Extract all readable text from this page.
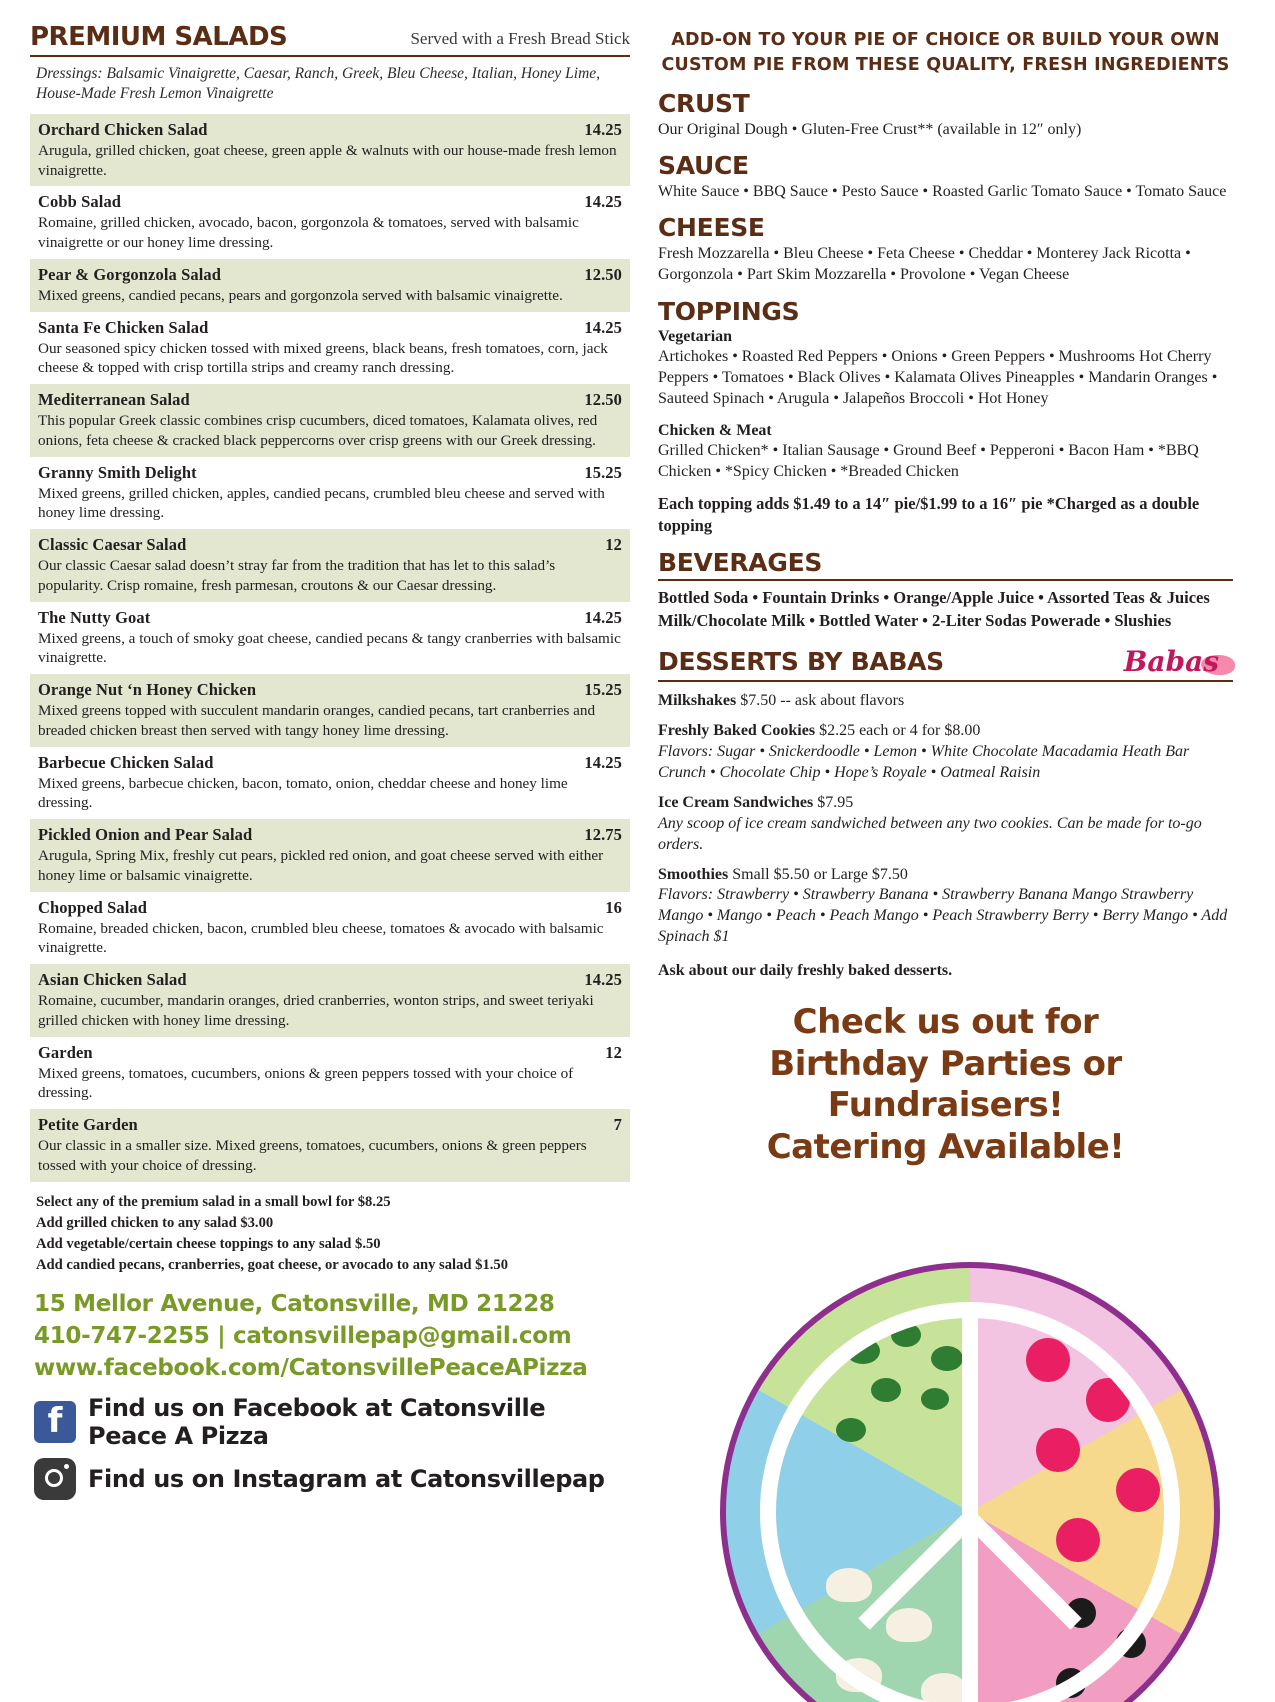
PREMIUM SALADS	Served with a Fresh Bread Stick
Dressings: Balsamic Vinaigrette, Caesar, Ranch, Greek, Bleu Cheese, Italian, Honey Lime, House-Made Fresh Lemon Vinaigrette
Orchard Chicken Salad	14.25
Arugula, grilled chicken, goat cheese, green apple & walnuts with our house-made fresh lemon vinaigrette.
Cobb Salad	14.25
Romaine, grilled chicken, avocado, bacon, gorgonzola & tomatoes, served with balsamic vinaigrette or our honey lime dressing.
Pear & Gorgonzola Salad	12.50
Mixed greens, candied pecans, pears and gorgonzola served with balsamic vinaigrette.
Santa Fe Chicken Salad	14.25
Our seasoned spicy chicken tossed with mixed greens, black beans, fresh tomatoes, corn, jack cheese & topped with crisp tortilla strips and creamy ranch dressing.
Mediterranean Salad	12.50
This popular Greek classic combines crisp cucumbers, diced tomatoes, Kalamata olives, red onions, feta cheese & cracked black peppercorns over crisp greens with our Greek dressing.
Granny Smith Delight	15.25
Mixed greens, grilled chicken, apples, candied pecans, crumbled bleu cheese and served with honey lime dressing.
Classic Caesar Salad	12
Our classic Caesar salad doesn’t stray far from the tradition that has let to this salad’s popularity. Crisp romaine, fresh parmesan, croutons & our Caesar dressing.
The Nutty Goat	14.25
Mixed greens, a touch of smoky goat cheese, candied pecans & tangy cranberries with balsamic vinaigrette.
Orange Nut ‘n Honey Chicken	15.25
Mixed greens topped with succulent mandarin oranges, candied pecans, tart cranberries and breaded chicken breast then served with tangy honey lime dressing.
Barbecue Chicken Salad	14.25
Mixed greens, barbecue chicken, bacon, tomato, onion, cheddar cheese and honey lime dressing.
Pickled Onion and Pear Salad	12.75
Arugula, Spring Mix, freshly cut pears, pickled red onion, and goat cheese served with either honey lime or balsamic vinaigrette.
Chopped Salad	16
Romaine, breaded chicken, bacon, crumbled bleu cheese, tomatoes & avocado with balsamic vinaigrette.
Asian Chicken Salad	14.25
Romaine, cucumber, mandarin oranges, dried cranberries, wonton strips, and sweet teriyaki grilled chicken with honey lime dressing.
Garden	12
Mixed greens, tomatoes, cucumbers, onions & green peppers tossed with your choice of dressing.
Petite Garden	7
Our classic in a smaller size. Mixed greens, tomatoes, cucumbers, onions & green peppers tossed with your choice of dressing.
Select any of the premium salad in a small bowl for $8.25
Add grilled chicken to any salad $3.00
Add vegetable/certain cheese toppings to any salad $.50
Add candied pecans, cranberries, goat cheese, or avocado to any salad $1.50
15 Mellor Avenue, Catonsville, MD 21228
410-747-2255 | catonsvillepap@gmail.com
www.facebook.com/CatonsvillePeaceAPizza
f	Find us on Facebook at Catonsville Peace A Pizza
Find us on Instagram at Catonsvillepap
ADD-ON TO YOUR PIE OF CHOICE OR BUILD YOUR OWN CUSTOM PIE FROM THESE QUALITY, FRESH INGREDIENTS
CRUST
Our Original Dough • Gluten-Free Crust** (available in 12″ only)
SAUCE
White Sauce • BBQ Sauce • Pesto Sauce • Roasted Garlic Tomato Sauce • Tomato Sauce
CHEESE
Fresh Mozzarella • Bleu Cheese • Feta Cheese • Cheddar • Monterey Jack Ricotta • Gorgonzola • Part Skim Mozzarella • Provolone • Vegan Cheese
TOPPINGS
Vegetarian
Artichokes • Roasted Red Peppers • Onions • Green Peppers • Mushrooms Hot Cherry Peppers • Tomatoes • Black Olives • Kalamata Olives Pineapples • Mandarin Oranges • Sauteed Spinach • Arugula • Jalapeños Broccoli • Hot Honey
Chicken & Meat
Grilled Chicken* • Italian Sausage • Ground Beef • Pepperoni • Bacon Ham • *BBQ Chicken • *Spicy Chicken • *Breaded Chicken
Each topping adds $1.49 to a 14″ pie/$1.99 to a 16″ pie *Charged as a double topping
BEVERAGES
Bottled Soda • Fountain Drinks • Orange/Apple Juice • Assorted Teas & Juices Milk/Chocolate Milk • Bottled Water • 2-Liter Sodas Powerade • Slushies
DESSERTS BY BABAS	Babas
Milkshakes $7.50 -- ask about flavors
Freshly Baked Cookies $2.25 each or 4 for $8.00
Flavors: Sugar • Snickerdoodle • Lemon • White Chocolate Macadamia Heath Bar Crunch • Chocolate Chip • Hope’s Royale • Oatmeal Raisin
Ice Cream Sandwiches $7.95
Any scoop of ice cream sandwiched between any two cookies. Can be made for to-go orders.
Smoothies Small $5.50 or Large $7.50
Flavors: Strawberry • Strawberry Banana • Strawberry Banana Mango Strawberry Mango • Mango • Peach • Peach Mango • Peach Strawberry Berry • Berry Mango • Add Spinach $1
Ask about our daily freshly baked desserts.
Check us out for
Birthday Parties or Fundraisers!
Catering Available!
